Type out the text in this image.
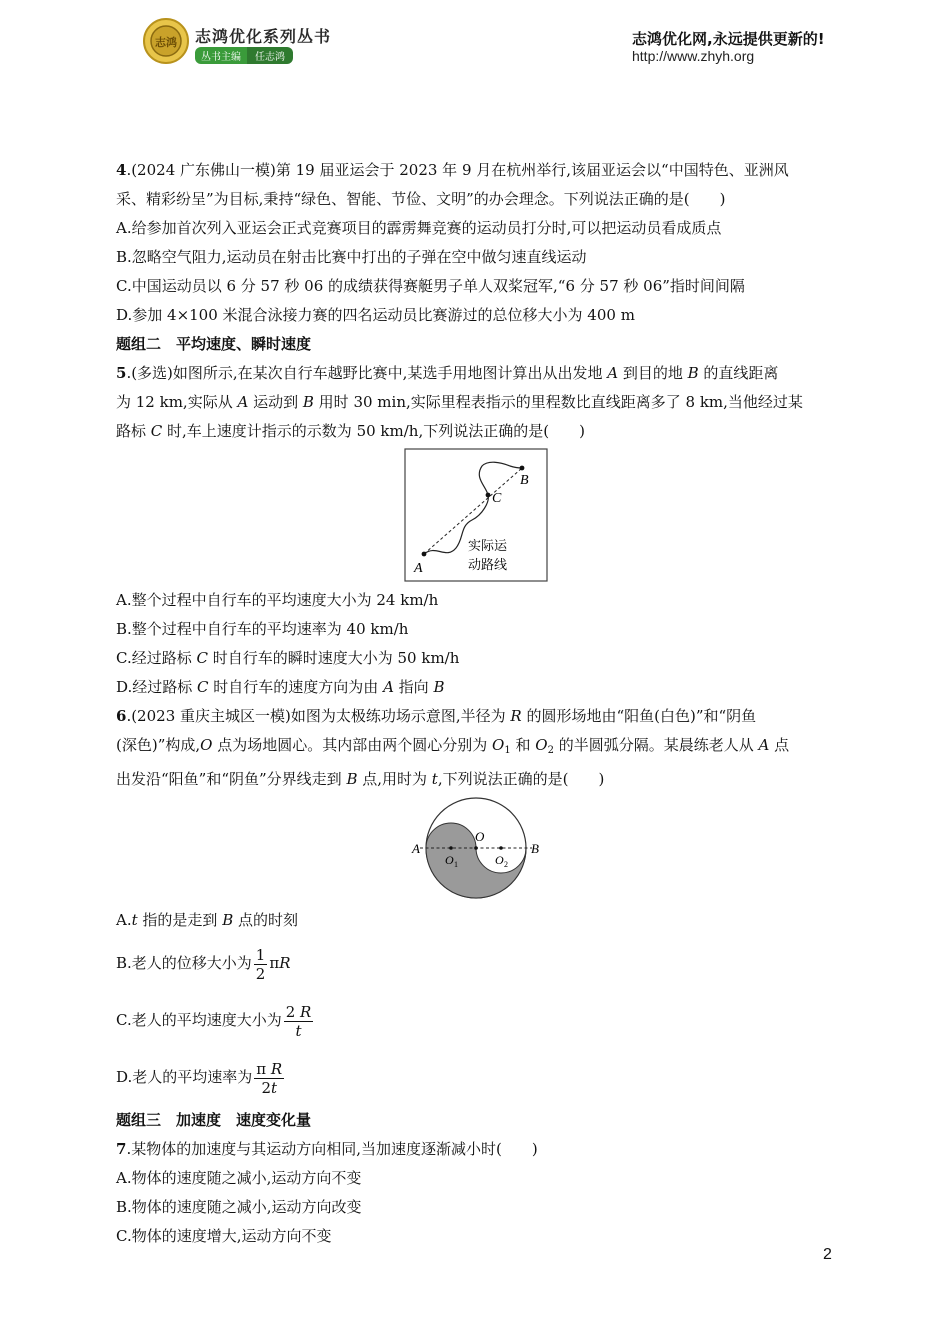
志鸿 志鸿优化系列丛书
丛书主编	任志鸿
志鸿优化网,永远提供更新的!
http://www.zhyh.org
4.(2024 广东佛山一模)第 19 届亚运会于 2023 年 9 月在杭州举行,该届亚运会以“中国特色、亚洲风
采、精彩纷呈”为目标,秉持“绿色、智能、节俭、文明”的办会理念。下列说法正确的是(　　)
A.给参加首次列入亚运会正式竞赛项目的霹雳舞竞赛的运动员打分时,可以把运动员看成质点
B.忽略空气阻力,运动员在射击比赛中打出的子弹在空中做匀速直线运动
C.中国运动员以 6 分 57 秒 06 的成绩获得赛艇男子单人双桨冠军,“6 分 57 秒 06”指时间间隔
D.参加 4×100 米混合泳接力赛的四名运动员比赛游过的总位移大小为 400 m
题组二　平均速度、瞬时速度
5.(多选)如图所示,在某次自行车越野比赛中,某选手用地图计算出从出发地 A 到目的地 B 的直线距离
为 12 km,实际从 A 运动到 B 用时 30 min,实际里程表指示的里程数比直线距离多了 8 km,当他经过某
路标 C 时,车上速度计指示的示数为 50 km/h,下列说法正确的是(　　)
A
B
C
实际运
动路线
A.整个过程中自行车的平均速度大小为 24 km/h
B.整个过程中自行车的平均速率为 40 km/h
C.经过路标 C 时自行车的瞬时速度大小为 50 km/h
D.经过路标 C 时自行车的速度方向为由 A 指向 B
6.(2023 重庆主城区一模)如图为太极练功场示意图,半径为 R 的圆形场地由“阳鱼(白色)”和“阴鱼
(深色)”构成,O 点为场地圆心。其内部由两个圆心分别为 $O_1$ 和 $O_2$ 的半圆弧分隔。某晨练老人从 A 点
出发沿“阳鱼”和“阴鱼”分界线走到 B 点,用时为 t,下列说法正确的是(　　)
A	B
O
O 1	O 2
A.t 指的是走到 B 点的时刻
B.老人的位移大小为 $\frac{1}{2}$ πR
C.老人的平均速度大小为 $\frac{2 R}{t}$
D.老人的平均速率为 $\frac{\text{π R}}{2t}$
题组三　加速度　速度变化量
7.某物体的加速度与其运动方向相同,当加速度逐渐减小时(　　)
A.物体的速度随之减小,运动方向不变
B.物体的速度随之减小,运动方向改变
C.物体的速度增大,运动方向不变
2
